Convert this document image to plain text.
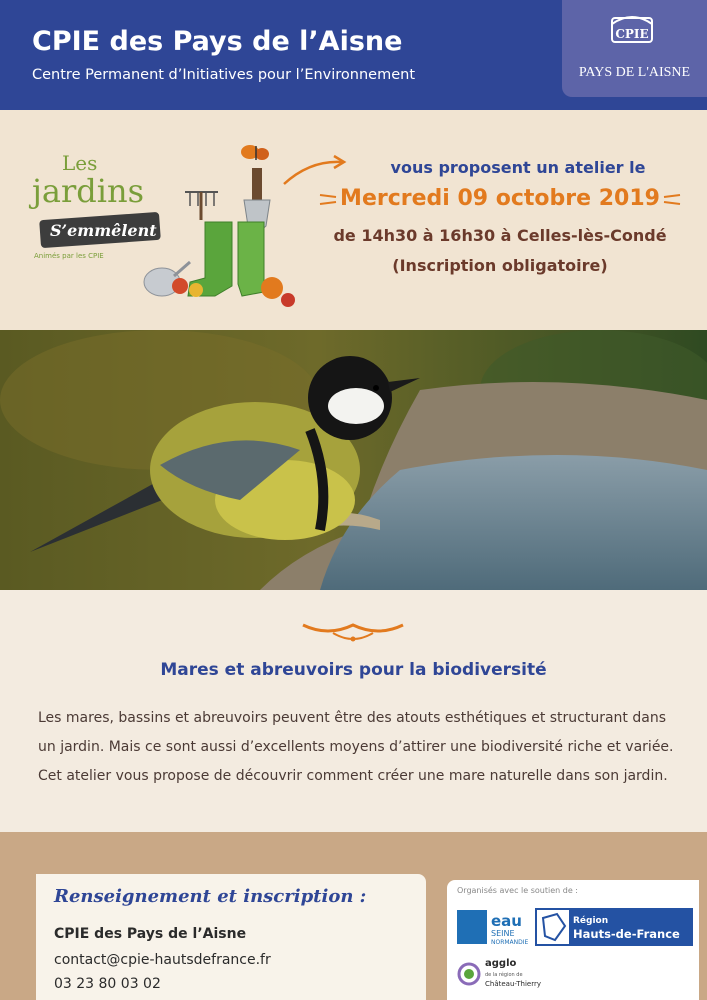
CPIE des Pays de l’Aisne
Centre Permanent d’Initiatives pour l’Environnement
CPIE
PAYS DE L'AISNE
Les
jardins
S’emmêlent
Animés par les CPIE
vous proposent un atelier le
Mercredi 09 octobre 2019
de 14h30 à 16h30 à Celles-lès-Condé
(Inscription obligatoire)
Mares et abreuvoirs pour la biodiversité
Les mares, bassins et abreuvoirs peuvent être des atouts esthétiques et structurant dans un jardin. Mais ce sont aussi d’excellents moyens d’attirer une biodiversité riche et variée. Cet atelier vous propose de découvrir comment créer une mare naturelle dans son jardin.
Renseignement et inscription :
CPIE des Pays de l’Aisne
contact@cpie-hautsdefrance.fr
03 23 80 03 02
Organisés avec le soutien de :
eau
SEINE
NORMANDIE
Région
Hauts-de-France
agglo
de la région de
Château-Thierry
